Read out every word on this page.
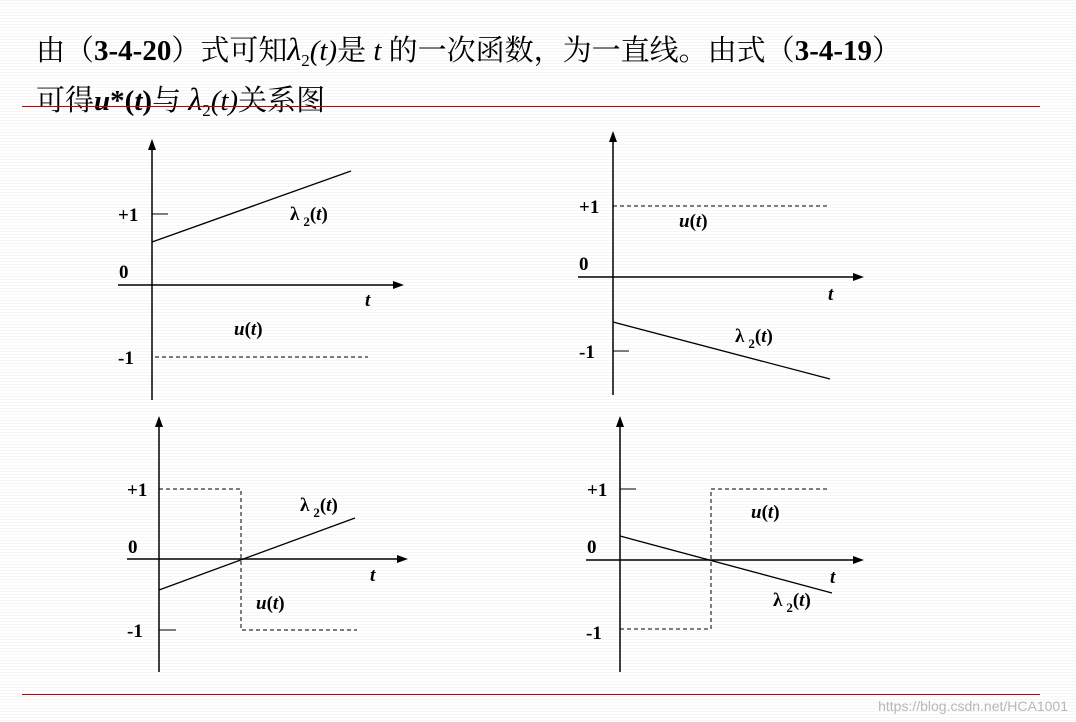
由（3-4-20）式可知$\lambda_2(t)$是 t 的一次函数，为一直线。由式（3-4-19）
可得u*(t)与 $\lambda_2(t)$关系图
+1
0
-1
t
λ $_2$(t)
u(t)
+1
0
-1
t
u(t)
λ $_2$(t)
+1
0
-1
t
λ $_2$(t)
u(t)
+1
0
-1
t
u(t)
λ $_2$(t)
https://blog.csdn.net/HCA1001
